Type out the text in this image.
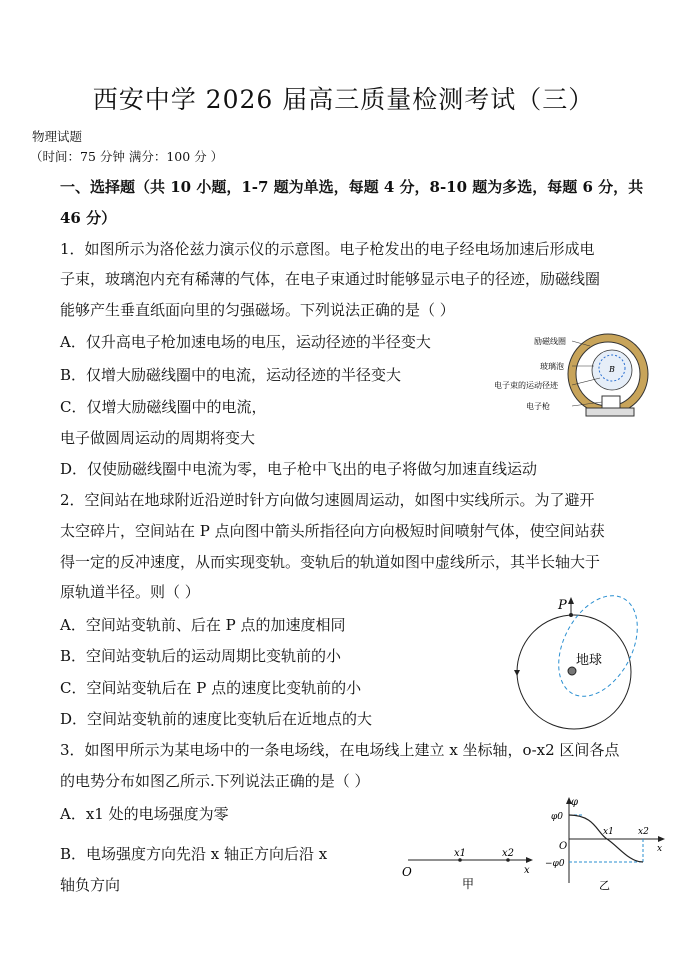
西安中学 2026 届高三质量检测考试（三）
物理试题
（时间：75 分钟 满分：100 分 ）
一、选择题（共 10 小题，1-7 题为单选，每题 4 分，8-10 题为多选，每题 6 分，共
46 分）
1．如图所示为洛伦兹力演示仪的示意图。电子枪发出的电子经电场加速后形成电
子束，玻璃泡内充有稀薄的气体，在电子束通过时能够显示电子的径迹，励磁线圈
能够产生垂直纸面向里的匀强磁场。下列说法正确的是（ ）
A．仅升高电子枪加速电场的电压，运动径迹的半径变大
B．仅增大励磁线圈中的电流，运动径迹的半径变大
C．仅增大励磁线圈中的电流，
电子做圆周运动的周期将变大
D．仅使励磁线圈中电流为零，电子枪中飞出的电子将做匀加速直线运动
B
励磁线圈
玻璃泡
电子束的运动径迹
电子枪
2．空间站在地球附近沿逆时针方向做匀速圆周运动，如图中实线所示。为了避开
太空碎片，空间站在 P 点向图中箭头所指径向方向极短时间喷射气体，使空间站获
得一定的反冲速度，从而实现变轨。变轨后的轨道如图中虚线所示，其半长轴大于
原轨道半径。则（ ）
A．空间站变轨前、后在 P 点的加速度相同
B．空间站变轨后的运动周期比变轨前的小
C．空间站变轨后在 P 点的速度比变轨前的小
D．空间站变轨前的速度比变轨后在近地点的大
P
地球
3．如图甲所示为某电场中的一条电场线，在电场线上建立 x 坐标轴，o-x2 区间各点
的电势分布如图乙所示.下列说法正确的是（ ）
A．x1 处的电场强度为零
B．电场强度方向先沿 x 轴正方向后沿 x
轴负方向
O
x1	x2
x
甲
φ
φ0
−φ0
O
x1	x2
x
乙
